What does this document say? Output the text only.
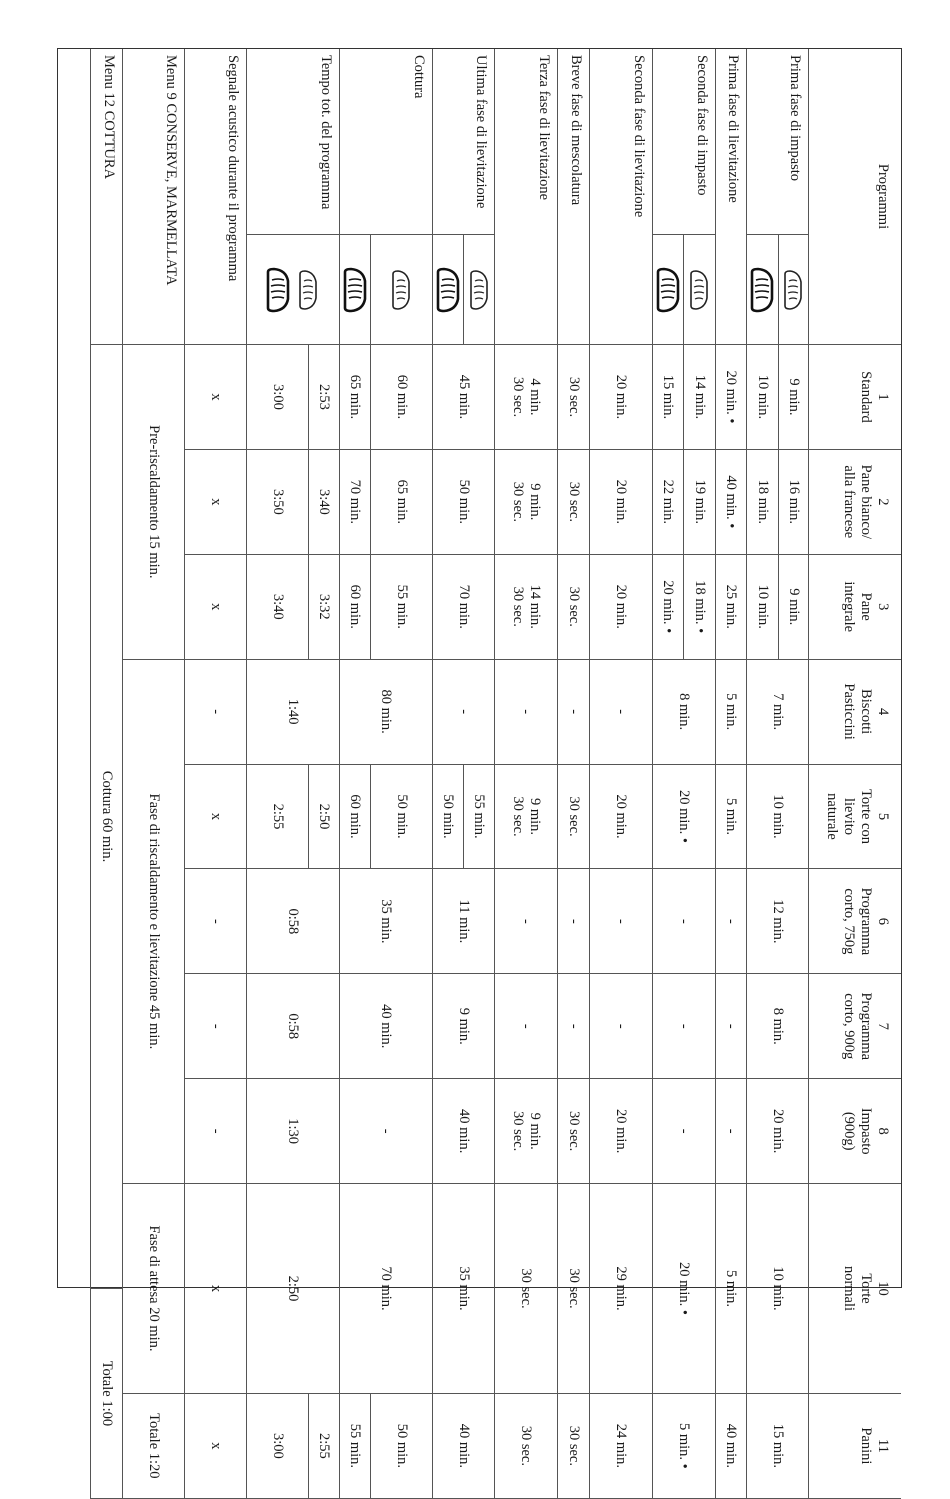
Programmi
1
Standard
2
Pane bianco/
alla francese
3
Pane
integrale
4
Biscotti
Pasticcini
5
Torte con
lievito
naturale
6
Programma
corto, 750g
7
Programma
corto, 900g
8
Impasto
(900g)
10
Torte
normali
11
Panini
Prima fase di impasto
Prima fase di lievitazione
Seconda fase di impasto
Seconda fase di lievitazione
Breve fase di mescolatura
Terza fase di lievitazione
Ultima fase di lievitazione
Cottura
Tempo tot. del programma
Segnale acustico durante il programma
Menu 9 CONSERVE, MARMELLATA
Menu 12 COTTURA
9 min.
10 min.
20 min. •
14 min.
15 min.
20 min.
30 sec.
4 min.
30 sec.
45 min.
60 min.
65 min.
2:53
3:00
x
16 min.
18 min.
40 min. •
19 min.
22 min.
20 min.
30 sec.
9 min.
30 sec.
50 min.
65 min.
70 min.
3:40
3:50
x
9 min.
10 min.
25 min.
18 min. •
20 min. •
20 min.
30 sec.
14 min.
30 sec.
70 min.
55 min.
60 min.
3:32
3:40
x
7 min.
5 min.
8 min.
-
-
-
-
80 min.
1:40
-
10 min.
5 min.
20 min. •
20 min.
30 sec.
9 min.
30 sec.
55 min.
50 min.
50 min.
60 min.
2:50
2:55
x
12 min.
-
-
-
-
-
11 min.
35 min.
0:58
-
8 min.
-
-
-
-
-
9 min.
40 min.
0:58
-
20 min.
-
-
20 min.
30 sec.
9 min.
30 sec.
40 min.
-
1:30
-
10 min.
5 min.
20 min. •
29 min.
30 sec.
30 sec.
35 min.
70 min.
2:50
x
15 min.
40 min.
5 min. •
24 min.
30 sec.
30 sec.
40 min.
50 min.
55 min.
2:55
3:00
x
Pre-riscaldamento 15 min.
Fase di riscaldamento e lievitazione 45 min.
Fase di attesa 20 min.
Totale 1:20
Cottura 60 min.
Totale 1:00
